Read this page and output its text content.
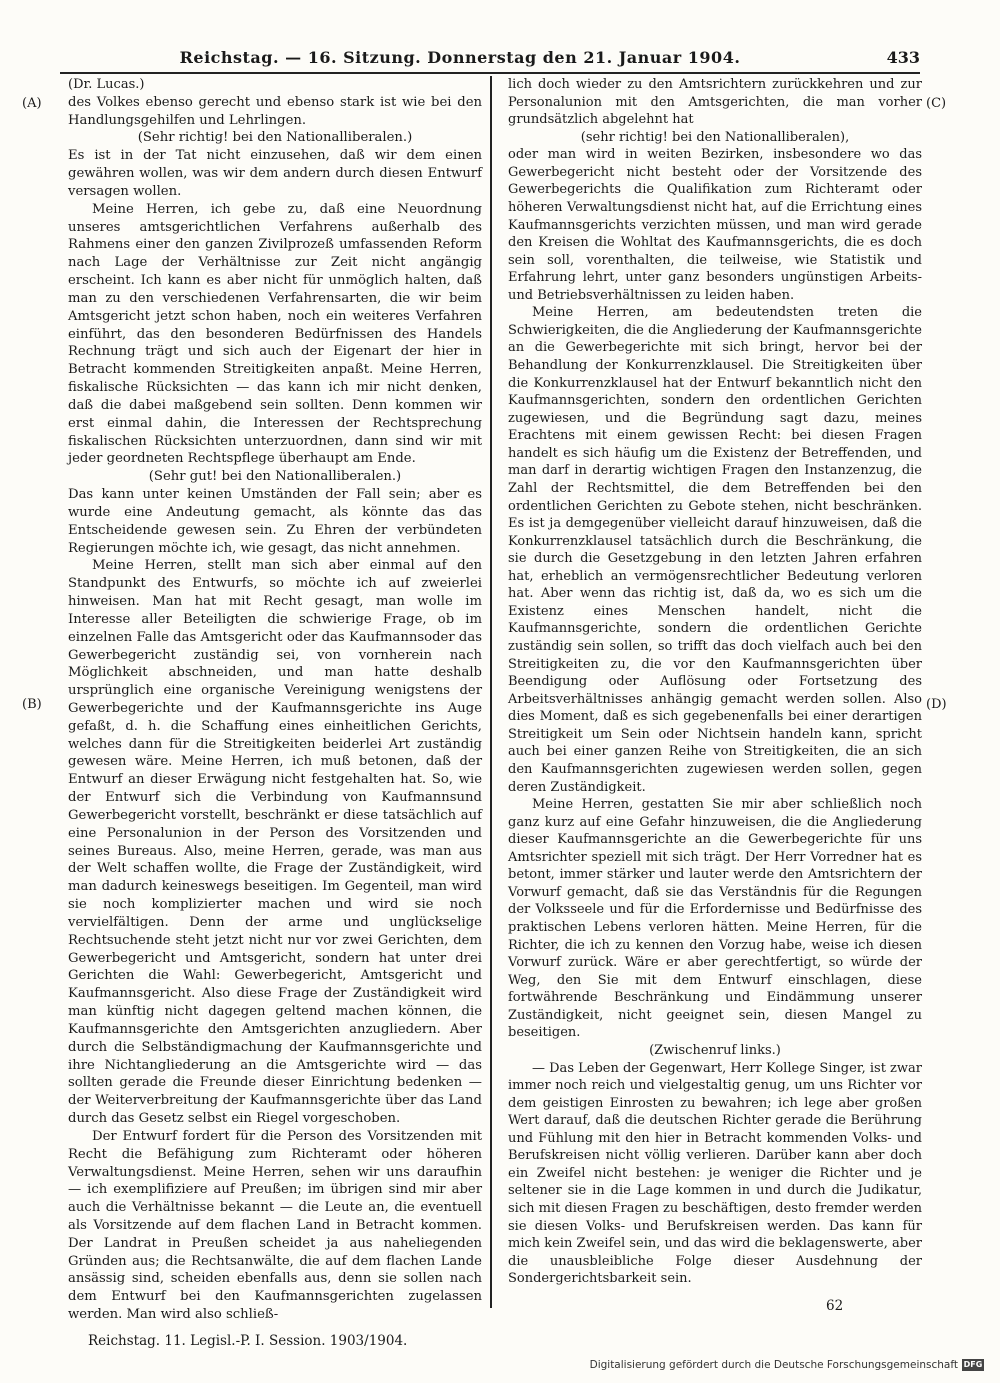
Reichstag. — 16. Sitzung. Donnerstag den 21. Januar 1904.	433
(A)
(B)
(C)
(D)

(Dr. Lucas.)

des Volkes ebenso gerecht und ebenso stark ist wie bei den Handlungsgehilfen und Lehrlingen.

(Sehr richtig! bei den Nationalliberalen.)

Es ist in der Tat nicht einzusehen, daß wir dem einen gewähren wollen, was wir dem andern durch diesen Entwurf versagen wollen.

Meine Herren, ich gebe zu, daß eine Neuordnung unseres amtsgerichtlichen Verfahrens außerhalb des Rahmens einer den ganzen Zivilprozeß umfassenden Reform nach Lage der Verhältnisse zur Zeit nicht angängig erscheint. Ich kann es aber nicht für unmöglich halten, daß man zu den verschiedenen Verfahrensarten, die wir beim Amtsgericht jetzt schon haben, noch ein weiteres Verfahren einführt, das den besonderen Bedürfnissen des Handels Rechnung trägt und sich auch der Eigenart der hier in Betracht kommenden Streitigkeiten anpaßt. Meine Herren, fiskalische Rücksichten — das kann ich mir nicht denken, daß die dabei maßgebend sein sollten. Denn kommen wir erst einmal dahin, die Interessen der Rechtsprechung fiskalischen Rücksichten unterzuordnen, dann sind wir mit jeder geordneten Rechtspflege überhaupt am Ende.

(Sehr gut! bei den Nationalliberalen.)

Das kann unter keinen Umständen der Fall sein; aber es wurde eine Andeutung gemacht, als könnte das das Entscheidende gewesen sein. Zu Ehren der verbündeten Regierungen möchte ich, wie gesagt, das nicht annehmen.

Meine Herren, stellt man sich aber einmal auf den Standpunkt des Entwurfs, so möchte ich auf zweierlei hinweisen. Man hat mit Recht gesagt, man wolle im Interesse aller Beteiligten die schwierige Frage, ob im einzelnen Falle das Amtsgericht oder das Kaufmannsoder das Gewerbegericht zuständig sei, von vornherein nach Möglichkeit abschneiden, und man hatte deshalb ursprünglich eine organische Vereinigung wenigstens der Gewerbegerichte und der Kaufmannsgerichte ins Auge gefaßt, d. h. die Schaffung eines einheitlichen Gerichts, welches dann für die Streitigkeiten beiderlei Art zuständig gewesen wäre. Meine Herren, ich muß betonen, daß der Entwurf an dieser Erwägung nicht festgehalten hat. So, wie der Entwurf sich die Verbindung von Kaufmannsund Gewerbegericht vorstellt, beschränkt er diese tatsächlich auf eine Personalunion in der Person des Vorsitzenden und seines Bureaus. Also, meine Herren, gerade, was man aus der Welt schaffen wollte, die Frage der Zuständigkeit, wird man dadurch keineswegs beseitigen. Im Gegenteil, man wird sie noch komplizierter machen und wird sie noch vervielfältigen. Denn der arme und unglückselige Rechtsuchende steht jetzt nicht nur vor zwei Gerichten, dem Gewerbegericht und Amtsgericht, sondern hat unter drei Gerichten die Wahl: Gewerbegericht, Amtsgericht und Kaufmannsgericht. Also diese Frage der Zuständigkeit wird man künftig nicht dagegen geltend machen können, die Kaufmannsgerichte den Amtsgerichten anzugliedern. Aber durch die Selbständigmachung der Kaufmannsgerichte und ihre Nichtangliederung an die Amtsgerichte wird — das sollten gerade die Freunde dieser Einrichtung bedenken — der Weiterverbreitung der Kaufmannsgerichte über das Land durch das Gesetz selbst ein Riegel vorgeschoben.

Der Entwurf fordert für die Person des Vorsitzenden mit Recht die Befähigung zum Richteramt oder höheren Verwaltungsdienst. Meine Herren, sehen wir uns daraufhin — ich exemplifiziere auf Preußen; im übrigen sind mir aber auch die Verhältnisse bekannt — die Leute an, die eventuell als Vorsitzende auf dem flachen Land in Betracht kommen. Der Landrat in Preußen scheidet ja aus naheliegenden Gründen aus; die Rechtsanwälte, die auf dem flachen Lande ansässig sind, scheiden ebenfalls aus, denn sie sollen nach dem Entwurf bei den Kaufmannsgerichten zugelassen werden. Man wird also schließ-

lich doch wieder zu den Amtsrichtern zurückkehren und zur Personalunion mit den Amtsgerichten, die man vorher grundsätzlich abgelehnt hat

(sehr richtig! bei den Nationalliberalen),

oder man wird in weiten Bezirken, insbesondere wo das Gewerbegericht nicht besteht oder der Vorsitzende des Gewerbegerichts die Qualifikation zum Richteramt oder höheren Verwaltungsdienst nicht hat, auf die Errichtung eines Kaufmannsgerichts verzichten müssen, und man wird gerade den Kreisen die Wohltat des Kaufmannsgerichts, die es doch sein soll, vorenthalten, die teilweise, wie Statistik und Erfahrung lehrt, unter ganz besonders ungünstigen Arbeits- und Betriebsverhältnissen zu leiden haben.

Meine Herren, am bedeutendsten treten die Schwierigkeiten, die die Angliederung der Kaufmannsgerichte an die Gewerbegerichte mit sich bringt, hervor bei der Behandlung der Konkurrenzklausel. Die Streitigkeiten über die Konkurrenzklausel hat der Entwurf bekanntlich nicht den Kaufmannsgerichten, sondern den ordentlichen Gerichten zugewiesen, und die Begründung sagt dazu, meines Erachtens mit einem gewissen Recht: bei diesen Fragen handelt es sich häufig um die Existenz der Betreffenden, und man darf in derartig wichtigen Fragen den Instanzenzug, die Zahl der Rechtsmittel, die dem Betreffenden bei den ordentlichen Gerichten zu Gebote stehen, nicht beschränken. Es ist ja demgegenüber vielleicht darauf hinzuweisen, daß die Konkurrenzklausel tatsächlich durch die Beschränkung, die sie durch die Gesetzgebung in den letzten Jahren erfahren hat, erheblich an vermögensrechtlicher Bedeutung verloren hat. Aber wenn das richtig ist, daß da, wo es sich um die Existenz eines Menschen handelt, nicht die Kaufmannsgerichte, sondern die ordentlichen Gerichte zuständig sein sollen, so trifft das doch vielfach auch bei den Streitigkeiten zu, die vor den Kaufmannsgerichten über Beendigung oder Auflösung oder Fortsetzung des Arbeitsverhältnisses anhängig gemacht werden sollen. Also dies Moment, daß es sich gegebenenfalls bei einer derartigen Streitigkeit um Sein oder Nichtsein handeln kann, spricht auch bei einer ganzen Reihe von Streitigkeiten, die an sich den Kaufmannsgerichten zugewiesen werden sollen, gegen deren Zuständigkeit.

Meine Herren, gestatten Sie mir aber schließlich noch ganz kurz auf eine Gefahr hinzuweisen, die die Angliederung dieser Kaufmannsgerichte an die Gewerbegerichte für uns Amtsrichter speziell mit sich trägt. Der Herr Vorredner hat es betont, immer stärker und lauter werde den Amtsrichtern der Vorwurf gemacht, daß sie das Verständnis für die Regungen der Volksseele und für die Erfordernisse und Bedürfnisse des praktischen Lebens verloren hätten. Meine Herren, für die Richter, die ich zu kennen den Vorzug habe, weise ich diesen Vorwurf zurück. Wäre er aber gerechtfertigt, so würde der Weg, den Sie mit dem Entwurf einschlagen, diese fortwährende Beschränkung und Eindämmung unserer Zuständigkeit, nicht geeignet sein, diesen Mangel zu beseitigen.

(Zwischenruf links.)

— Das Leben der Gegenwart, Herr Kollege Singer, ist zwar immer noch reich und vielgestaltig genug, um uns Richter vor dem geistigen Einrosten zu bewahren; ich lege aber großen Wert darauf, daß die deutschen Richter gerade die Berührung und Fühlung mit den hier in Betracht kommenden Volks- und Berufskreisen nicht völlig verlieren. Darüber kann aber doch ein Zweifel nicht bestehen: je weniger die Richter und je seltener sie in die Lage kommen in und durch die Judikatur, sich mit diesen Fragen zu beschäftigen, desto fremder werden sie diesen Volks- und Berufskreisen werden. Das kann für mich kein Zweifel sein, und das wird die beklagenswerte, aber die unausbleibliche Folge dieser Ausdehnung der Sondergerichtsbarkeit sein.

Reichstag. 11. Legisl.-P. I. Session. 1903/1904.
62
Digitalisierung gefördert durch die Deutsche Forschungsgemeinschaft DFG
